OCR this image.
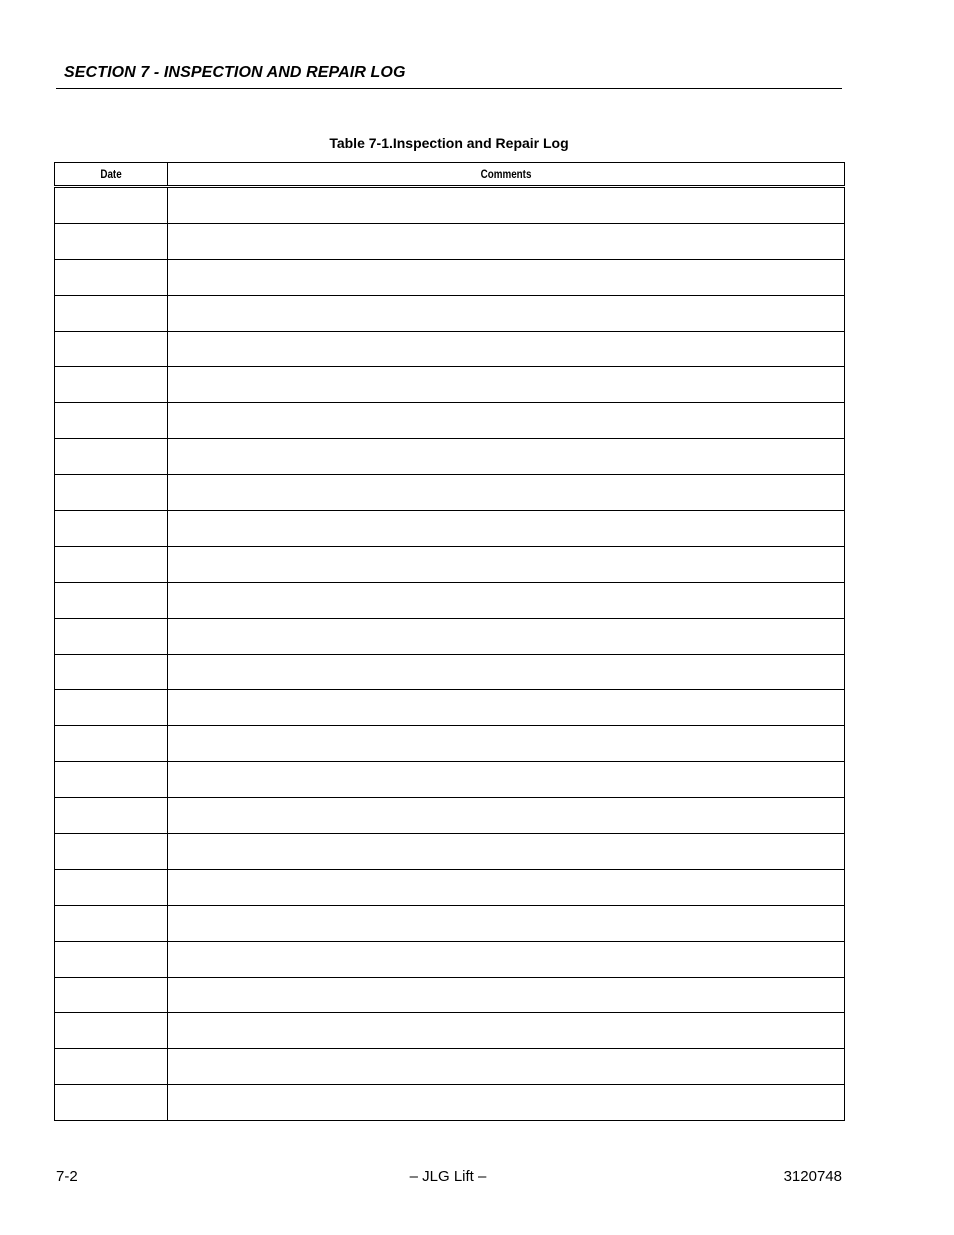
SECTION 7 - INSPECTION AND REPAIR LOG
Table 7-1.Inspection and Repair Log
Date	Comments

7-2	– JLG Lift –	3120748
